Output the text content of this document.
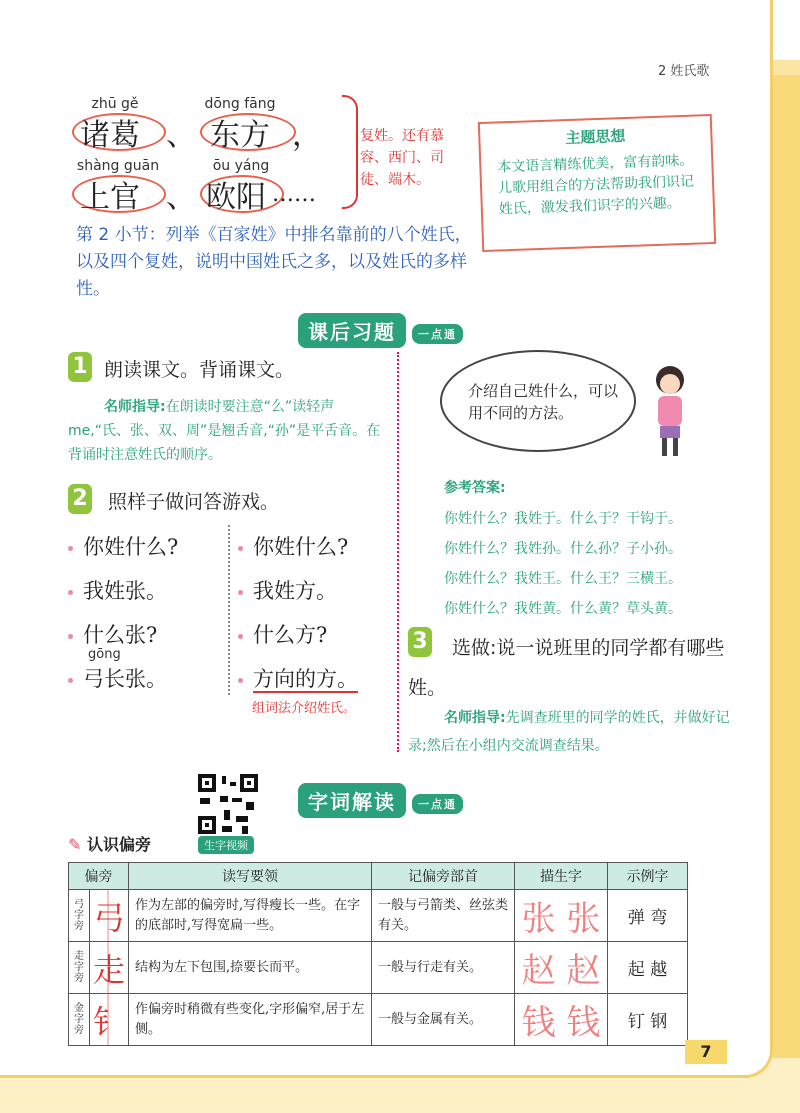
2 姓氏歌
zhū gě	dōng fāng
诸葛 、 东方 ，
shàng guān	ōu yáng
上官 、 欧阳 ……
复姓。还有慕容、西门、司徒、端木。
主题思想
本文语言精练优美，富有韵味。儿歌用组合的方法帮助我们识记姓氏，激发我们识字的兴趣。
第 2 小节：列举《百家姓》中排名靠前的八个姓氏，以及四个复姓，说明中国姓氏之多，以及姓氏的多样性。
课后习题 一点通
1 朗读课文。背诵课文。
名师指导:在朗读时要注意“么”读轻声 me,“氏、张、双、周”是翘舌音,“孙”是平舌音。在背诵时注意姓氏的顺序。
2 照样子做问答游戏。
你姓什么?
我姓张。
什么张?
弓长张。
gōng
你姓什么?
我姓方。
什么方?
方向的方。
组词法介绍姓氏。
介绍自己姓什么，可以用不同的方法。
参考答案:
你姓什么？我姓于。什么于？干钩于。
你姓什么？我姓孙。什么孙？子小孙。
你姓什么？我姓王。什么王？三横王。
你姓什么？我姓黄。什么黄？草头黄。
3	选做:说一说班里的同学都有哪些姓。
名师指导:先调查班里的同学的姓氏，并做好记录;然后在小组内交流调查结果。
生字视频
字词解读 一点通
✎ 认识偏旁
偏旁		读写要领	记偏旁部首	描生字	示例字
弓字旁	弓	作为左部的偏旁时,写得瘦长一些。在字的底部时,写得宽扁一些。	一般与弓箭类、丝弦类有关。	张 张	弹 弯
走字旁	走	结构为左下包围,捺要长而平。	一般与行走有关。	赵 赵	起 越
金字旁	钅	作偏旁时稍微有些变化,字形偏窄,居于左侧。	一般与金属有关。	钱 钱	钉 钢
7
